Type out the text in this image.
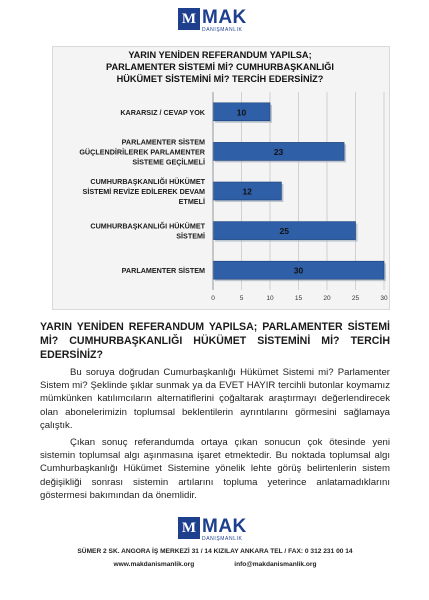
M MAK
DANIŞMANLIK
YARIN YENİDEN REFERANDUM YAPILSA;
PARLAMENTER SİSTEMİ Mİ? CUMHURBAŞKANLIĞI
HÜKÜMET SİSTEMİNİ Mİ? TERCİH EDERSİNİZ?
0	5	10	15	20	25	30
10
KARARSIZ / CEVAP YOK
23
PARLAMENTER SİSTEM
GÜÇLENDİRİLEREK PARLAMENTER
SİSTEME GEÇİLMELİ
12
CUMHURBAŞKANLIĞI HÜKÜMET
SİSTEMİ REVİZE EDİLEREK DEVAM
ETMELİ
25
CUMHURBAŞKANLIĞI HÜKÜMET
SİSTEMİ
30
PARLAMENTER SİSTEM
YARIN YENİDEN REFERANDUM YAPILSA; PARLAMENTER SİSTEMİ Mİ? CUMHURBAŞKANLIĞI HÜKÜMET SİSTEMİNİ Mİ? TERCİH EDERSİNİZ?
Bu soruya doğrudan Cumurbaşkanlığı Hükümet Sistemi mi? Parlamenter Sistem mi? Şeklinde şıklar sunmak ya da EVET HAYIR tercihli butonlar koymamız mümkünken katılımcıların alternatiflerini çoğaltarak araştırmayı değerlendirecek olan abonelerimizin toplumsal beklentilerin ayrıntılarını görmesini sağlamaya çalıştık.
Çıkan sonuç referandumda ortaya çıkan sonucun çok ötesinde yeni sistemin toplumsal algı aşınmasına işaret etmektedir. Bu noktada toplumsal algı Cumhurbaşkanlığı Hükümet Sistemine yönelik lehte görüş belirtenlerin sistem değişikliği sonrası sistemin artılarını topluma yeterince anlatamadıklarını göstermesi bakımından da önemlidir.
M MAK
DANIŞMANLIK
SÜMER 2 SK. ANGORA İŞ MERKEZİ 31 / 14 KIZILAY ANKARA TEL / FAX: 0 312 231 00 14
www.makdanismanlik.org	info@makdanismanlik.org
